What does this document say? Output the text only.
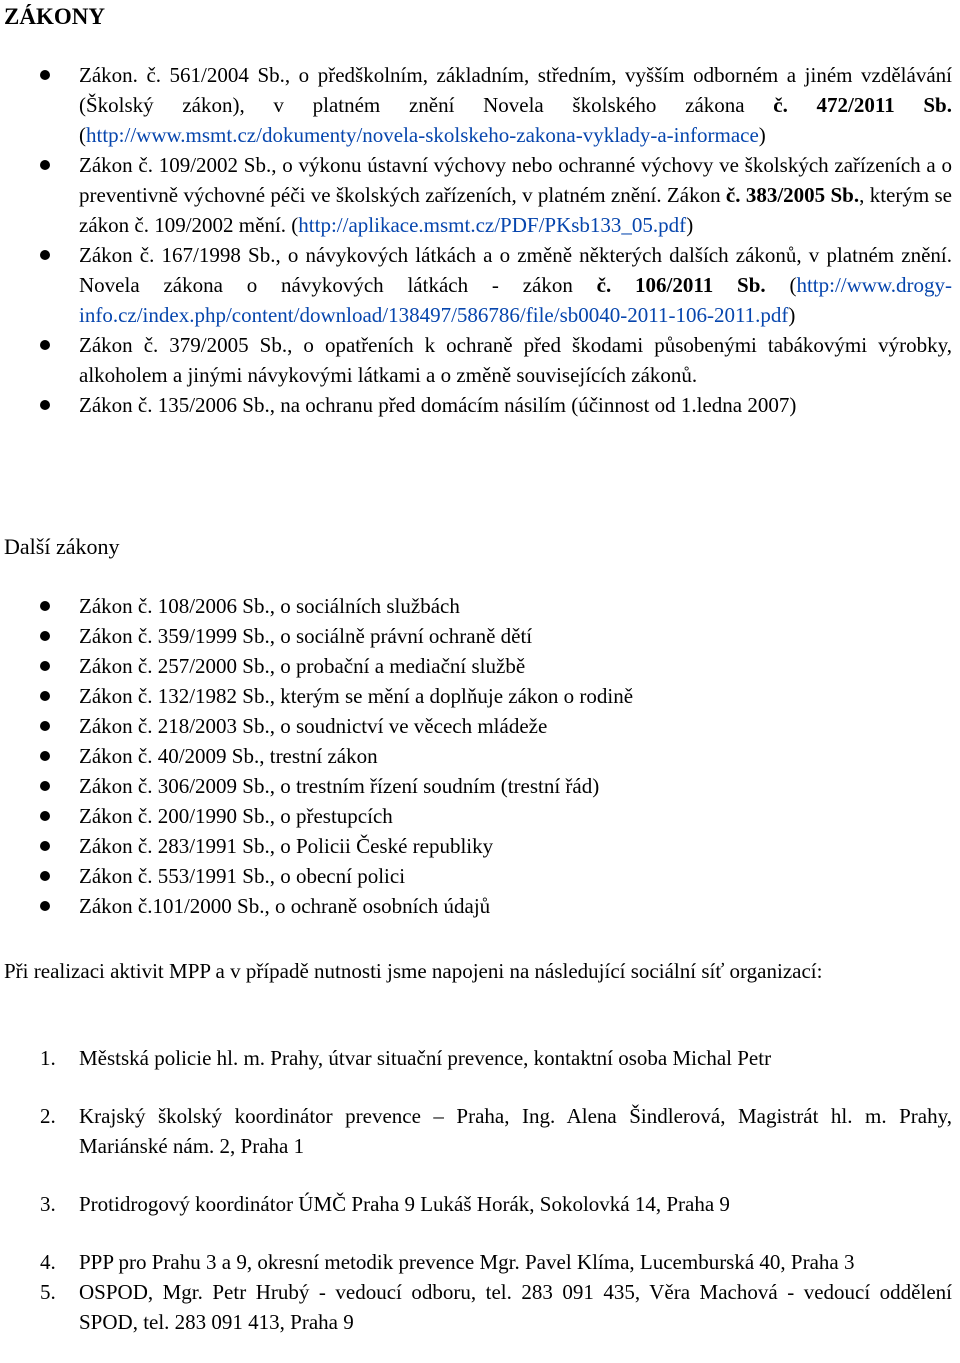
ZÁKONY
Zákon. č. 561/2004 Sb., o předškolním, základním, středním, vyšším odborném a jiném vzdělávání (Školský zákon), v platném znění Novela školského zákona č. 472/2011 Sb. (http://www.msmt.cz/dokumenty/novela-skolskeho-zakona-vyklady-a-informace)
Zákon č. 109/2002 Sb., o výkonu ústavní výchovy nebo ochranné výchovy ve školských zařízeních a o preventivně výchovné péči ve školských zařízeních, v platném znění. Zákon č. 383/2005 Sb., kterým se zákon č. 109/2002 mění. (http://aplikace.msmt.cz/PDF/PKsb133_05.pdf)
Zákon č. 167/1998 Sb., o návykových látkách a o změně některých dalších zákonů, v platném znění. Novela zákona o návykových látkách - zákon č. 106/2011 Sb. (http://www.drogy-info.cz/index.php/content/download/138497/586786/file/sb0040-2011-106-2011.pdf)
Zákon č. 379/2005 Sb., o opatřeních k ochraně před škodami působenými tabákovými výrobky, alkoholem a jinými návykovými látkami a o změně souvisejících zákonů.
Zákon č. 135/2006 Sb., na ochranu před domácím násilím (účinnost od 1.ledna 2007)
Další zákony
Zákon č. 108/2006 Sb., o sociálních službách
Zákon č. 359/1999 Sb., o sociálně právní ochraně dětí
Zákon č. 257/2000 Sb., o probační a mediační službě
Zákon č. 132/1982 Sb., kterým se mění a doplňuje zákon o rodině
Zákon č. 218/2003 Sb., o soudnictví ve věcech mládeže
Zákon č. 40/2009 Sb., trestní zákon
Zákon č. 306/2009 Sb., o trestním řízení soudním (trestní řád)
Zákon č. 200/1990 Sb., o přestupcích
Zákon č. 283/1991 Sb., o Policii České republiky
Zákon č. 553/1991 Sb., o obecní polici
Zákon č.101/2000 Sb., o ochraně osobních údajů

Při realizaci aktivit MPP a v případě nutnosti jsme napojeni na následující sociální síť organizací:

1. Městská policie hl. m. Prahy, útvar situační prevence, kontaktní osoba Michal Petr
2. Krajský školský koordinátor prevence – Praha, Ing. Alena Šindlerová, Magistrát hl. m. Prahy, Mariánské nám. 2, Praha 1
3. Protidrogový koordinátor ÚMČ Praha 9 Lukáš Horák, Sokolovká 14, Praha 9
4. PPP pro Prahu 3 a 9, okresní metodik prevence Mgr. Pavel Klíma, Lucemburská 40, Praha 3
5. OSPOD, Mgr. Petr Hrubý - vedoucí odboru, tel. 283 091 435, Věra Machová - vedoucí oddělení SPOD, tel. 283 091 413, Praha 9
